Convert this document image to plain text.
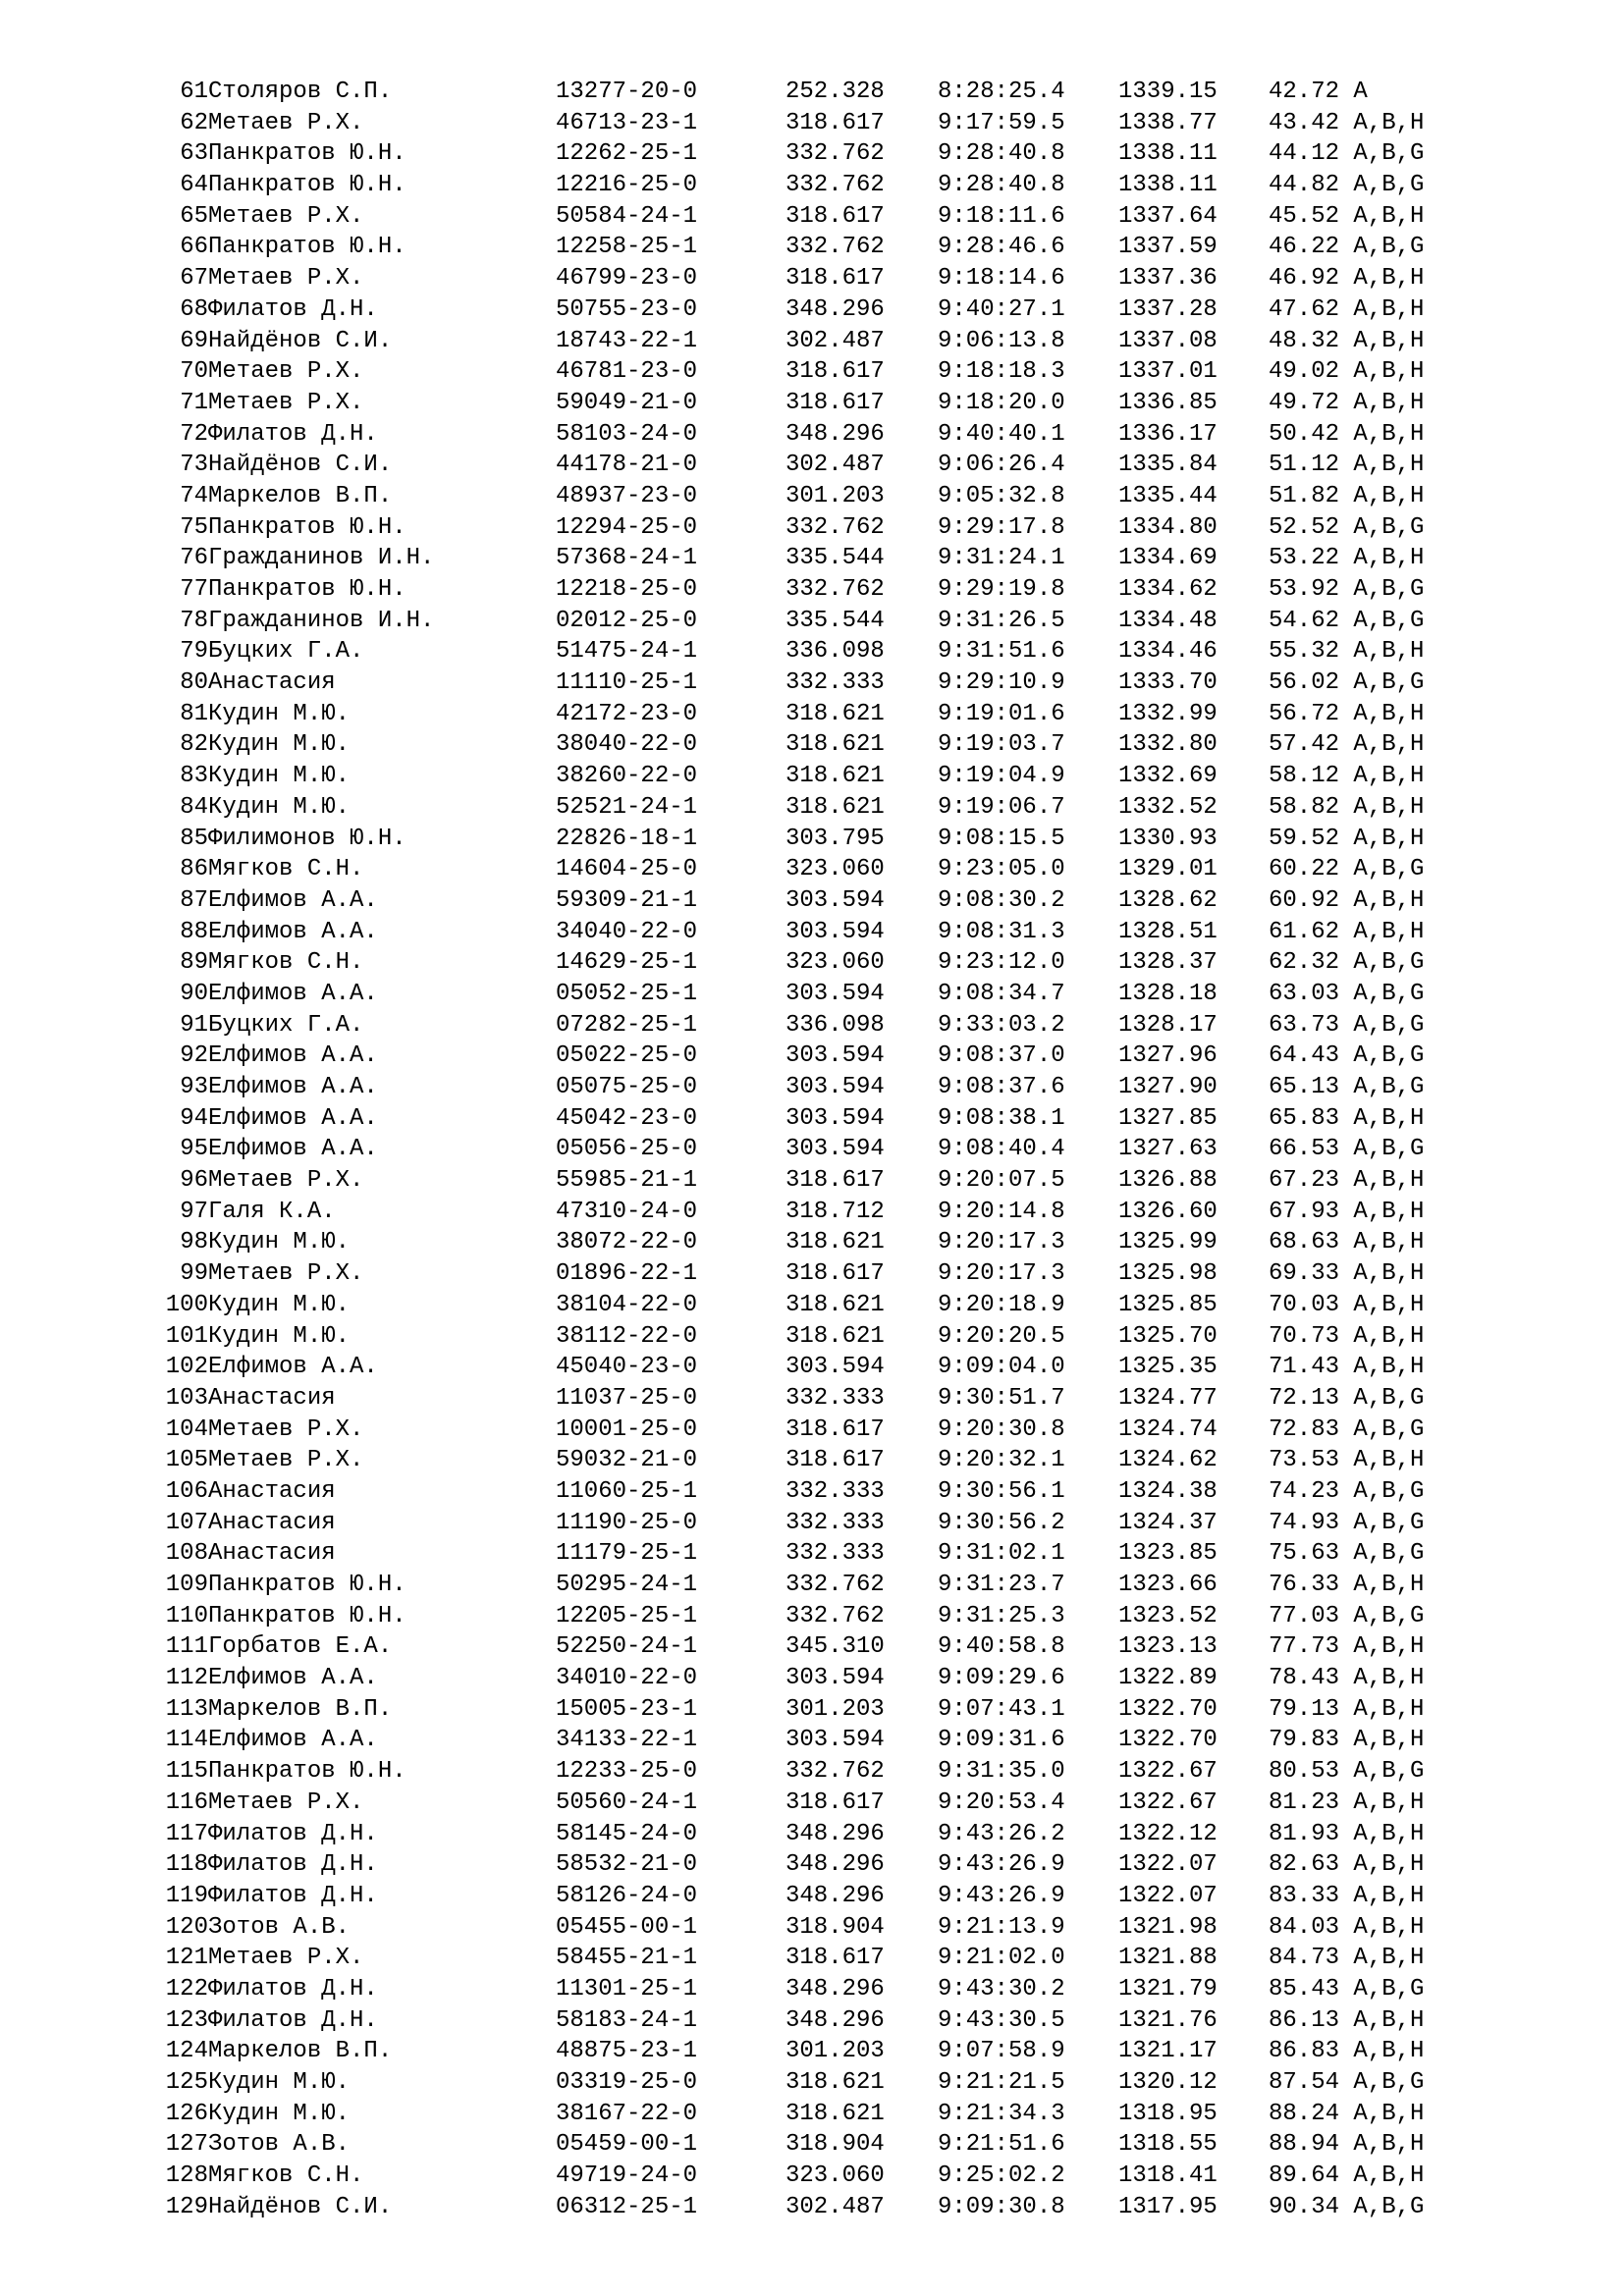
61 Столяров С.П.	13277-20-0	252.328 8:28:25.4 1339.15 42.72 A
62 Метаев Р.Х.	46713-23-1	318.617 9:17:59.5 1338.77 43.42 A,B,H
63 Панкратов Ю.Н.	12262-25-1	332.762 9:28:40.8 1338.11 44.12 A,B,G
64 Панкратов Ю.Н.	12216-25-0	332.762 9:28:40.8 1338.11 44.82 A,B,G
65 Метаев Р.Х.	50584-24-1	318.617 9:18:11.6 1337.64 45.52 A,B,H
66 Панкратов Ю.Н.	12258-25-1	332.762 9:28:46.6 1337.59 46.22 A,B,G
67 Метаев Р.Х.	46799-23-0	318.617 9:18:14.6 1337.36 46.92 A,B,H
68 Филатов Д.Н.	50755-23-0	348.296 9:40:27.1 1337.28 47.62 A,B,H
69 Найдёнов С.И.	18743-22-1	302.487 9:06:13.8 1337.08 48.32 A,B,H
70 Метаев Р.Х.	46781-23-0	318.617 9:18:18.3 1337.01 49.02 A,B,H
71 Метаев Р.Х.	59049-21-0	318.617 9:18:20.0 1336.85 49.72 A,B,H
72 Филатов Д.Н.	58103-24-0	348.296 9:40:40.1 1336.17 50.42 A,B,H
73 Найдёнов С.И.	44178-21-0	302.487 9:06:26.4 1335.84 51.12 A,B,H
74 Маркелов В.П.	48937-23-0	301.203 9:05:32.8 1335.44 51.82 A,B,H
75 Панкратов Ю.Н.	12294-25-0	332.762 9:29:17.8 1334.80 52.52 A,B,G
76 Гражданинов И.Н.	57368-24-1	335.544 9:31:24.1 1334.69 53.22 A,B,H
77 Панкратов Ю.Н.	12218-25-0	332.762 9:29:19.8 1334.62 53.92 A,B,G
78 Гражданинов И.Н.	02012-25-0	335.544 9:31:26.5 1334.48 54.62 A,B,G
79 Буцких Г.А.	51475-24-1	336.098 9:31:51.6 1334.46 55.32 A,B,H
80 Анастасия	11110-25-1	332.333 9:29:10.9 1333.70 56.02 A,B,G
81 Кудин М.Ю.	42172-23-0	318.621 9:19:01.6 1332.99 56.72 A,B,H
82 Кудин М.Ю.	38040-22-0	318.621 9:19:03.7 1332.80 57.42 A,B,H
83 Кудин М.Ю.	38260-22-0	318.621 9:19:04.9 1332.69 58.12 A,B,H
84 Кудин М.Ю.	52521-24-1	318.621 9:19:06.7 1332.52 58.82 A,B,H
85 Филимонов Ю.Н.	22826-18-1	303.795 9:08:15.5 1330.93 59.52 A,B,H
86 Мягков С.Н.	14604-25-0	323.060 9:23:05.0 1329.01 60.22 A,B,G
87 Елфимов А.А.	59309-21-1	303.594 9:08:30.2 1328.62 60.92 A,B,H
88 Елфимов А.А.	34040-22-0	303.594 9:08:31.3 1328.51 61.62 A,B,H
89 Мягков С.Н.	14629-25-1	323.060 9:23:12.0 1328.37 62.32 A,B,G
90 Елфимов А.А.	05052-25-1	303.594 9:08:34.7 1328.18 63.03 A,B,G
91 Буцких Г.А.	07282-25-1	336.098 9:33:03.2 1328.17 63.73 A,B,G
92 Елфимов А.А.	05022-25-0	303.594 9:08:37.0 1327.96 64.43 A,B,G
93 Елфимов А.А.	05075-25-0	303.594 9:08:37.6 1327.90 65.13 A,B,G
94 Елфимов А.А.	45042-23-0	303.594 9:08:38.1 1327.85 65.83 A,B,H
95 Елфимов А.А.	05056-25-0	303.594 9:08:40.4 1327.63 66.53 A,B,G
96 Метаев Р.Х.	55985-21-1	318.617 9:20:07.5 1326.88 67.23 A,B,H
97 Галя К.А.	47310-24-0	318.712 9:20:14.8 1326.60 67.93 A,B,H
98 Кудин М.Ю.	38072-22-0	318.621 9:20:17.3 1325.99 68.63 A,B,H
99 Метаев Р.Х.	01896-22-1	318.617 9:20:17.3 1325.98 69.33 A,B,H
100 Кудин М.Ю.	38104-22-0	318.621 9:20:18.9 1325.85 70.03 A,B,H
101 Кудин М.Ю.	38112-22-0	318.621 9:20:20.5 1325.70 70.73 A,B,H
102 Елфимов А.А.	45040-23-0	303.594 9:09:04.0 1325.35 71.43 A,B,H
103 Анастасия	11037-25-0	332.333 9:30:51.7 1324.77 72.13 A,B,G
104 Метаев Р.Х.	10001-25-0	318.617 9:20:30.8 1324.74 72.83 A,B,G
105 Метаев Р.Х.	59032-21-0	318.617 9:20:32.1 1324.62 73.53 A,B,H
106 Анастасия	11060-25-1	332.333 9:30:56.1 1324.38 74.23 A,B,G
107 Анастасия	11190-25-0	332.333 9:30:56.2 1324.37 74.93 A,B,G
108 Анастасия	11179-25-1	332.333 9:31:02.1 1323.85 75.63 A,B,G
109 Панкратов Ю.Н.	50295-24-1	332.762 9:31:23.7 1323.66 76.33 A,B,H
110 Панкратов Ю.Н.	12205-25-1	332.762 9:31:25.3 1323.52 77.03 A,B,G
111 Горбатов Е.А.	52250-24-1	345.310 9:40:58.8 1323.13 77.73 A,B,H
112 Елфимов А.А.	34010-22-0	303.594 9:09:29.6 1322.89 78.43 A,B,H
113 Маркелов В.П.	15005-23-1	301.203 9:07:43.1 1322.70 79.13 A,B,H
114 Елфимов А.А.	34133-22-1	303.594 9:09:31.6 1322.70 79.83 A,B,H
115 Панкратов Ю.Н.	12233-25-0	332.762 9:31:35.0 1322.67 80.53 A,B,G
116 Метаев Р.Х.	50560-24-1	318.617 9:20:53.4 1322.67 81.23 A,B,H
117 Филатов Д.Н.	58145-24-0	348.296 9:43:26.2 1322.12 81.93 A,B,H
118 Филатов Д.Н.	58532-21-0	348.296 9:43:26.9 1322.07 82.63 A,B,H
119 Филатов Д.Н.	58126-24-0	348.296 9:43:26.9 1322.07 83.33 A,B,H
120 Зотов А.В.	05455-00-1	318.904 9:21:13.9 1321.98 84.03 A,B,H
121 Метаев Р.Х.	58455-21-1	318.617 9:21:02.0 1321.88 84.73 A,B,H
122 Филатов Д.Н.	11301-25-1	348.296 9:43:30.2 1321.79 85.43 A,B,G
123 Филатов Д.Н.	58183-24-1	348.296 9:43:30.5 1321.76 86.13 A,B,H
124 Маркелов В.П.	48875-23-1	301.203 9:07:58.9 1321.17 86.83 A,B,H
125 Кудин М.Ю.	03319-25-0	318.621 9:21:21.5 1320.12 87.54 A,B,G
126 Кудин М.Ю.	38167-22-0	318.621 9:21:34.3 1318.95 88.24 A,B,H
127 Зотов А.В.	05459-00-1	318.904 9:21:51.6 1318.55 88.94 A,B,H
128 Мягков С.Н.	49719-24-0	323.060 9:25:02.2 1318.41 89.64 A,B,H
129 Найдёнов С.И.	06312-25-1	302.487 9:09:30.8 1317.95 90.34 A,B,G
